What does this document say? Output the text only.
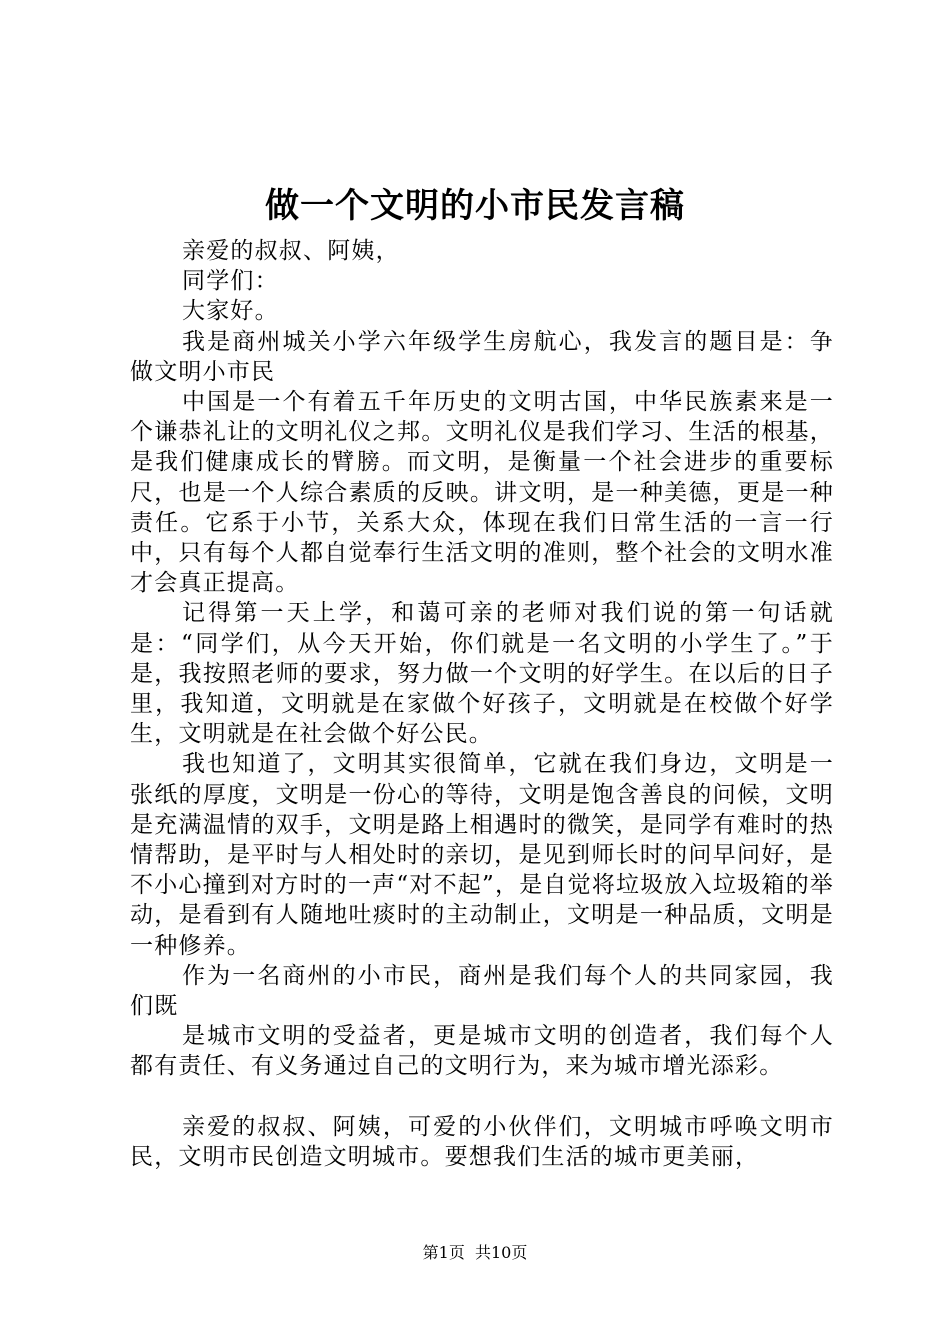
做一个文明的小市民发言稿

亲爱的叔叔、阿姨，

同学们：

大家好。

我是商州城关小学六年级学生房航心，我发言的题目是：争做文明小市民

中国是一个有着五千年历史的文明古国，中华民族素来是一个谦恭礼让的文明礼仪之邦。文明礼仪是我们学习、生活的根基，是我们健康成长的臂膀。而文明，是衡量一个社会进步的重要标尺，也是一个人综合素质的反映。讲文明，是一种美德，更是一种责任。它系于小节，关系大众，体现在我们日常生活的一言一行中，只有每个人都自觉奉行生活文明的准则，整个社会的文明水准才会真正提高。

记得第一天上学，和蔼可亲的老师对我们说的第一句话就是：“同学们，从今天开始，你们就是一名文明的小学生了。”于是，我按照老师的要求，努力做一个文明的好学生。在以后的日子里，我知道，文明就是在家做个好孩子，文明就是在校做个好学生，文明就是在社会做个好公民。

我也知道了，文明其实很简单，它就在我们身边，文明是一张纸的厚度，文明是一份心的等待，文明是饱含善良的问候，文明是充满温情的双手，文明是路上相遇时的微笑，是同学有难时的热情帮助，是平时与人相处时的亲切，是见到师长时的问早问好，是不小心撞到对方时的一声“对不起”，是自觉将垃圾放入垃圾箱的举动，是看到有人随地吐痰时的主动制止，文明是一种品质，文明是一种修养。

作为一名商州的小市民，商州是我们每个人的共同家园，我们既

是城市文明的受益者，更是城市文明的创造者，我们每个人都有责任、有义务通过自己的文明行为，来为城市增光添彩。

亲爱的叔叔、阿姨，可爱的小伙伴们，文明城市呼唤文明市民，文明市民创造文明城市。要想我们生活的城市更美丽，

第1页  共10页
